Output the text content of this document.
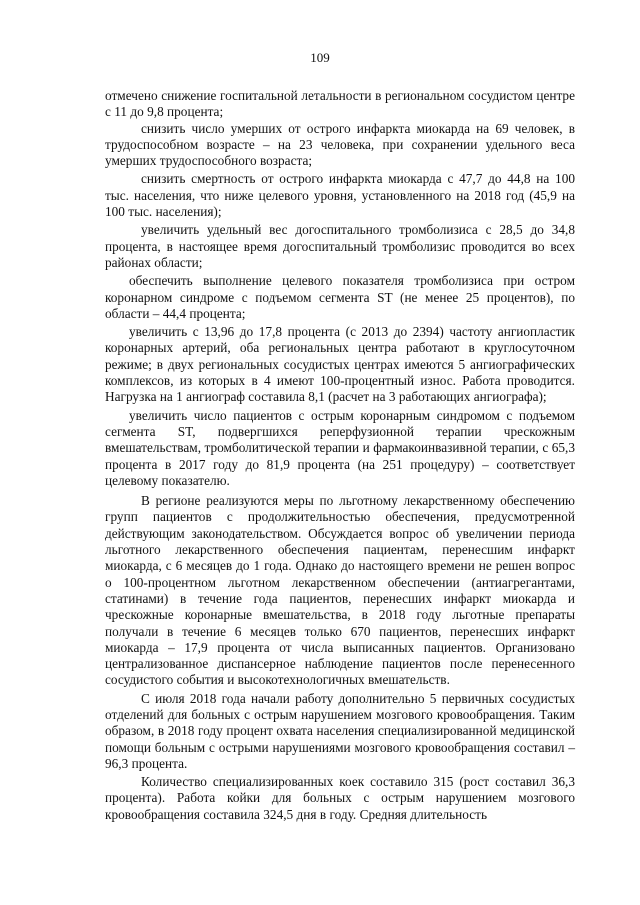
109

отмечено снижение госпитальной летальности в региональном сосудистом центре с 11 до 9,8 процента;

снизить число умерших от острого инфаркта миокарда на 69 человек, в трудоспособном возрасте – на 23 человека, при сохранении удельного веса умерших трудоспособного возраста;

снизить смертность от острого инфаркта миокарда с 47,7 до 44,8 на 100 тыс. населения, что ниже целевого уровня, установленного на 2018 год (45,9 на 100 тыс. населения);

увеличить удельный вес догоспитального тромболизиса с 28,5 до 34,8 процента, в настоящее время догоспитальный тромболизис проводится во всех районах области;

обеспечить выполнение целевого показателя тромболизиса при остром коронарном синдроме с подъемом сегмента ST (не менее 25 процентов), по области – 44,4 процента;

увеличить с 13,96 до 17,8 процента (с 2013 до 2394) частоту ангиопластик коронарных артерий, оба региональных центра работают в круглосуточном режиме; в двух региональных сосудистых центрах имеются 5 ангиографических комплексов, из которых в 4 имеют 100-процентный износ. Работа проводится. Нагрузка на 1 ангиограф составила 8,1 (расчет на 3 работающих ангиографа);

увеличить число пациентов с острым коронарным синдромом с подъемом сегмента ST, подвергшихся реперфузионной терапии чрескожным вмешательствам, тромболитической терапии и фармакоинвазивной терапии, с 65,3 процента в 2017 году до 81,9 процента (на 251 процедуру) – соответствует целевому показателю.

В регионе реализуются меры по льготному лекарственному обеспечению групп пациентов с продолжительностью обеспечения, предусмотренной действующим законодательством. Обсуждается вопрос об увеличении периода льготного лекарственного обеспечения пациентам, перенесшим инфаркт миокарда, с 6 месяцев до 1 года. Однако до настоящего времени не решен вопрос о 100-процентном льготном лекарственном обеспечении (антиагрегантами, статинами) в течение года пациентов, перенесших инфаркт миокарда и чрескожные коронарные вмешательства, в 2018 году льготные препараты получали в течение 6 месяцев только 670 пациентов, перенесших инфаркт миокарда – 17,9 процента от числа выписанных пациентов. Организовано централизованное диспансерное наблюдение пациентов после перенесенного сосудистого события и высокотехнологичных вмешательств.

С июля 2018 года начали работу дополнительно 5 первичных сосудистых отделений для больных с острым нарушением мозгового кровообращения. Таким образом, в 2018 году процент охвата населения специализированной медицинской помощи больным с острыми нарушениями мозгового кровообращения составил – 96,3 процента.

Количество специализированных коек составило 315 (рост составил 36,3 процента). Работа койки для больных с острым нарушением мозгового кровообращения составила 324,5 дня в году. Средняя длительность
